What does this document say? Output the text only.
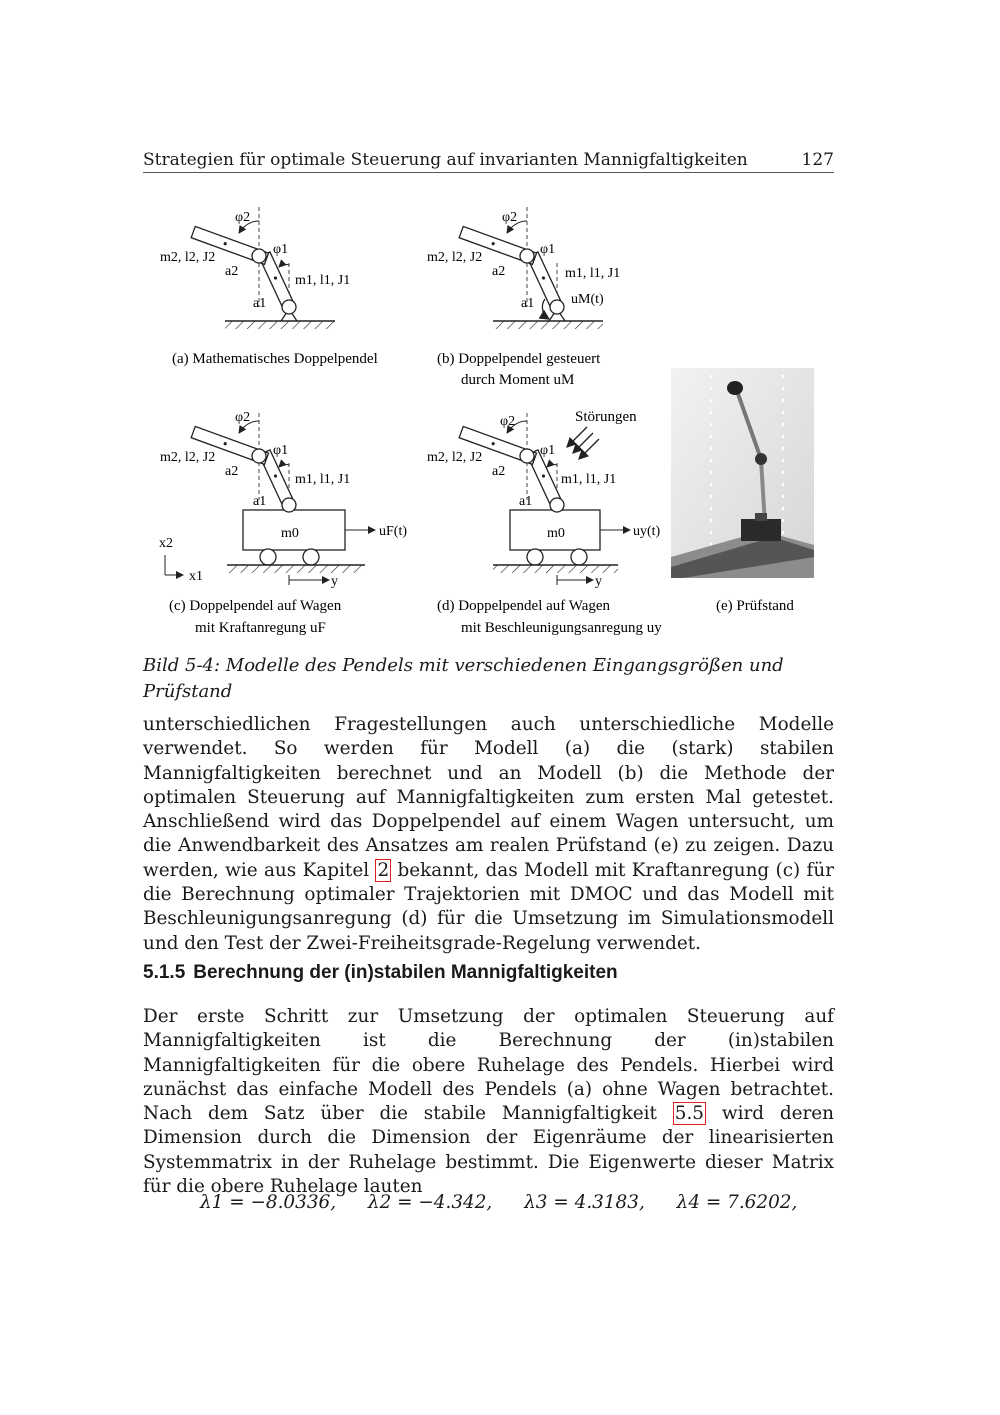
Strategien für optimale Steuerung auf invarianten Mannigfaltigkeiten	127
φ2
φ1
m2, l2, J2
a2
m1, l1, J1
a1
(a) Mathematisches Doppelpendel
φ2
φ1
m2, l2, J2
a2	m1, l1, J1
a1	uM(t)
(b) Doppelpendel gesteuert
durch Moment uM
φ2
φ1
m2, l2, J2
a2
m1, l1, J1
a1
m0	uF(t)
y
x2
x1
(c) Doppelpendel auf Wagen
mit Kraftanregung uF
Störungen
φ2
φ1
m2, l2, J2
a2
m1, l1, J1
a1
m0	uy(t)
y
(d) Doppelpendel auf Wagen
mit Beschleunigungsanregung uy
(e) Prüfstand
Bild 5-4: Modelle des Pendels mit verschiedenen Eingangsgrößen und Prüfstand
unterschiedlichen Fragestellungen auch unterschiedliche Modelle verwendet. So werden für Modell (a) die (stark) stabilen Mannigfaltigkeiten berechnet und an Modell (b) die Methode der optimalen Steuerung auf Mannigfaltigkeiten zum ersten Mal getestet. Anschließend wird das Doppelpendel auf einem Wagen untersucht, um die Anwendbarkeit des Ansatzes am realen Prüfstand (e) zu zeigen. Dazu werden, wie aus Kapitel 2 bekannt, das Modell mit Kraftanregung (c) für die Berechnung optimaler Trajektorien mit DMOC und das Modell mit Beschleunigungsanregung (d) für die Umsetzung im Simulationsmodell und den Test der Zwei-Freiheitsgrade-Regelung verwendet.
5.1.5 Berechnung der (in)stabilen Mannigfaltigkeiten
Der erste Schritt zur Umsetzung der optimalen Steuerung auf Mannigfaltigkeiten ist die Berechnung der (in)stabilen Mannigfaltigkeiten für die obere Ruhelage des Pendels. Hierbei wird zunächst das einfache Modell des Pendels (a) ohne Wagen betrachtet. Nach dem Satz über die stabile Mannigfaltigkeit 5.5 wird deren Dimension durch die Dimension der Eigenräume der linearisierten Systemmatrix in der Ruhelage bestimmt. Die Eigenwerte dieser Matrix für die obere Ruhelage lauten
λ1 = −8.0336, λ2 = −4.342, λ3 = 4.3183, λ4 = 7.6202,
